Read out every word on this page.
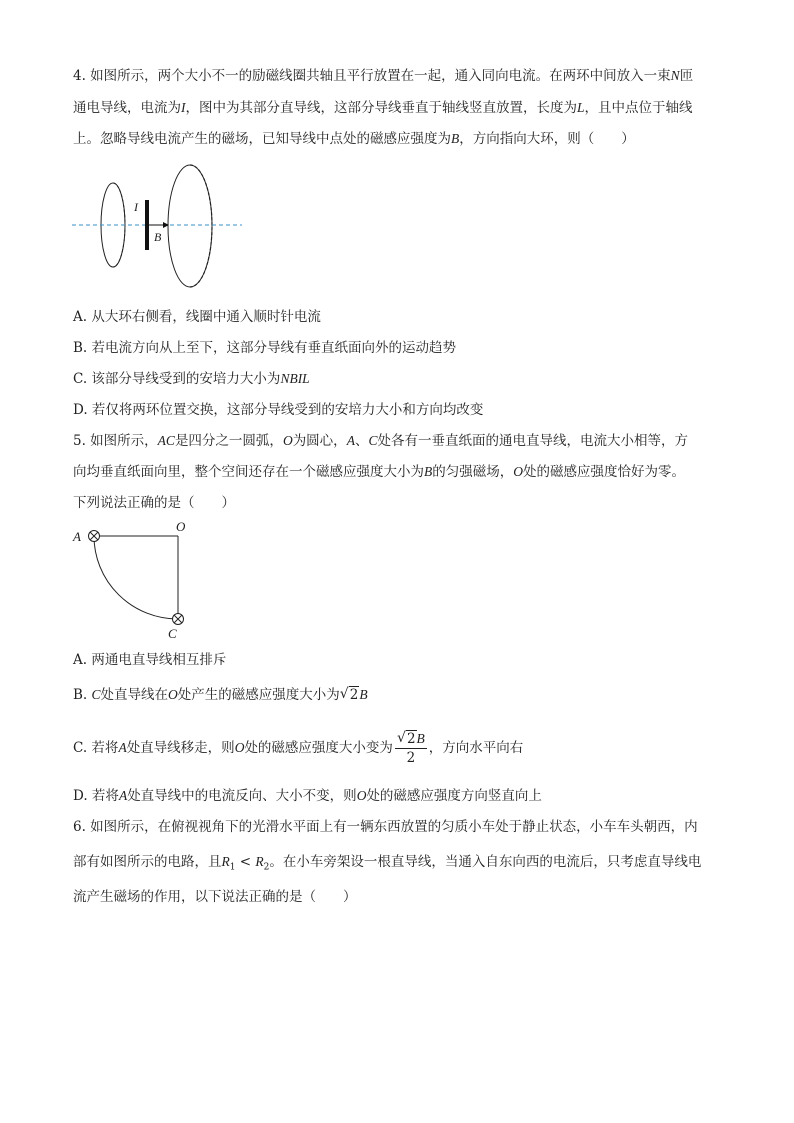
4. 如图所示，两个大小不一的励磁线圈共轴且平行放置在一起，通入同向电流。在两环中间放入一束N匝
通电导线，电流为I，图中为其部分直导线，这部分导线垂直于轴线竖直放置，长度为L，且中点位于轴线
上。忽略导线电流产生的磁场，已知导线中点处的磁感应强度为B，方向指向大环，则（　　）
I
B
A. 从大环右侧看，线圈中通入顺时针电流
B. 若电流方向从上至下，这部分导线有垂直纸面向外的运动趋势
C. 该部分导线受到的安培力大小为NBIL
D. 若仅将两环位置交换，这部分导线受到的安培力大小和方向均改变
5. 如图所示，AC是四分之一圆弧，O为圆心，A、C处各有一垂直纸面的通电直导线，电流大小相等，方
向均垂直纸面向里，整个空间还存在一个磁感应强度大小为B的匀强磁场，O处的磁感应强度恰好为零。
下列说法正确的是（　　）
A
O
C
A. 两通电直导线相互排斥
B. C处直导线在O处产生的磁感应强度大小为 √ 2B
C. 若将A处直导线移走，则O处的磁感应强度大小变为 $\frac{√ 2B}{2}$ ，方向水平向右
D. 若将A处直导线中的电流反向、大小不变，则O处的磁感应强度方向竖直向上
6. 如图所示，在俯视视角下的光滑水平面上有一辆东西放置的匀质小车处于静止状态，小车车头朝西，内
部有如图所示的电路，且$R_1 < R_2$。在小车旁架设一根直导线，当通入自东向西的电流后，只考虑直导线电
流产生磁场的作用，以下说法正确的是（　　）
